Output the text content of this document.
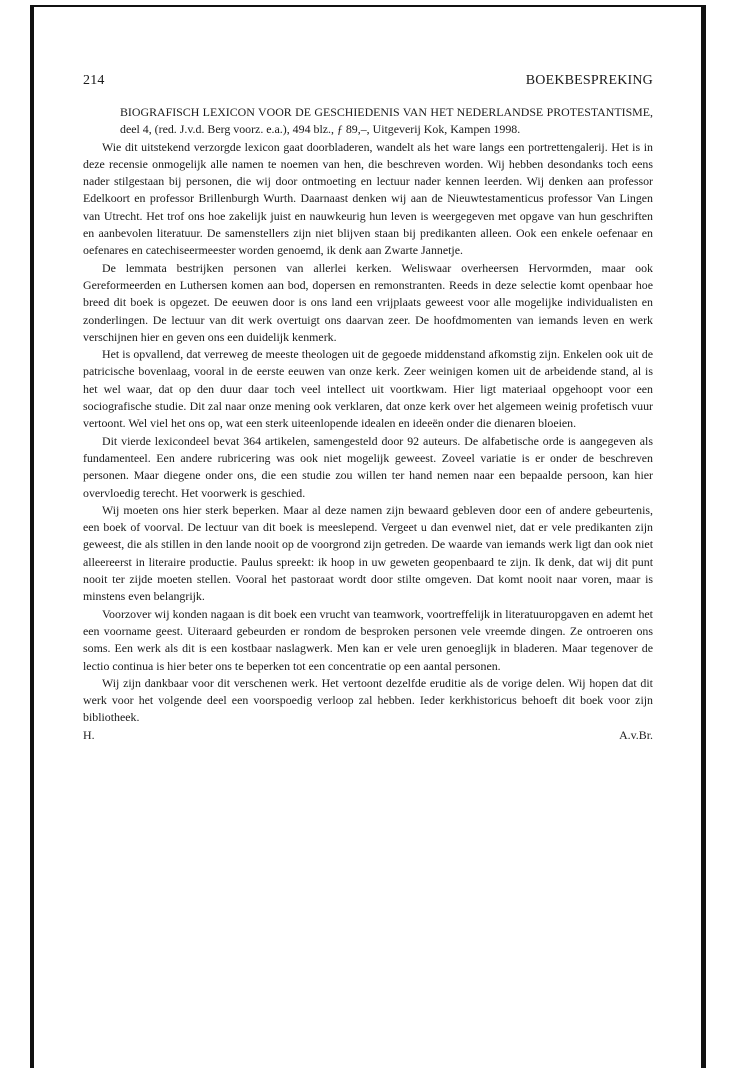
214	BOEKBESPREKING

BIOGRAFISCH LEXICON VOOR DE GESCHIEDENIS VAN HET NEDERLANDSE PROTESTANTISME, deel 4, (red. J.v.d. Berg voorz. e.a.), 494 blz., ƒ 89,–, Uitgeverij Kok, Kampen 1998.

Wie dit uitstekend verzorgde lexicon gaat doorbladeren, wandelt als het ware langs een portrettengalerij. Het is in deze recensie onmogelijk alle namen te noemen van hen, die beschreven worden. Wij hebben desondanks toch eens nader stilgestaan bij personen, die wij door ontmoeting en lectuur nader kennen leerden. Wij denken aan professor Edelkoort en professor Brillenburgh Wurth. Daarnaast denken wij aan de Nieuwtestamenticus professor Van Lingen van Utrecht. Het trof ons hoe zakelijk juist en nauwkeurig hun leven is weergegeven met opgave van hun geschriften en aanbevolen literatuur. De samenstellers zijn niet blijven staan bij predikanten alleen. Ook een enkele oefenaar en oefenares en catechiseermeester worden genoemd, ik denk aan Zwarte Jannetje.

De lemmata bestrijken personen van allerlei kerken. Weliswaar overheersen Hervormden, maar ook Gereformeerden en Luthersen komen aan bod, dopersen en remonstranten. Reeds in deze selectie komt openbaar hoe breed dit boek is opgezet. De eeuwen door is ons land een vrijplaats geweest voor alle mogelijke individualisten en zonderlingen. De lectuur van dit werk overtuigt ons daarvan zeer. De hoofdmomenten van iemands leven en werk verschijnen hier en geven ons een duidelijk kenmerk.

Het is opvallend, dat verreweg de meeste theologen uit de gegoede middenstand afkomstig zijn. Enkelen ook uit de patricische bovenlaag, vooral in de eerste eeuwen van onze kerk. Zeer weinigen komen uit de arbeidende stand, al is het wel waar, dat op den duur daar toch veel intellect uit voortkwam. Hier ligt materiaal opgehoopt voor een sociografische studie. Dit zal naar onze mening ook verklaren, dat onze kerk over het algemeen weinig profetisch vuur vertoont. Wel viel het ons op, wat een sterk uiteenlopende idealen en ideeën onder die dienaren bloeien.

Dit vierde lexicondeel bevat 364 artikelen, samengesteld door 92 auteurs. De alfabetische orde is aangegeven als fundamenteel. Een andere rubricering was ook niet mogelijk geweest. Zoveel variatie is er onder de beschreven personen. Maar diegene onder ons, die een studie zou willen ter hand nemen naar een bepaalde persoon, kan hier overvloedig terecht. Het voorwerk is geschied.

Wij moeten ons hier sterk beperken. Maar al deze namen zijn bewaard gebleven door een of andere gebeurtenis, een boek of voorval. De lectuur van dit boek is meeslepend. Vergeet u dan evenwel niet, dat er vele predikanten zijn geweest, die als stillen in den lande nooit op de voorgrond zijn getreden. De waarde van iemands werk ligt dan ook niet alleereerst in literaire productie. Paulus spreekt: ik hoop in uw geweten geopenbaard te zijn. Ik denk, dat wij dit punt nooit ter zijde moeten stellen. Vooral het pastoraat wordt door stilte omgeven. Dat komt nooit naar voren, maar is minstens even belangrijk.

Voorzover wij konden nagaan is dit boek een vrucht van teamwork, voortreffelijk in literatuuropgaven en ademt het een voorname geest. Uiteraard gebeurden er rondom de besproken personen vele vreemde dingen. Ze ontroeren ons soms. Een werk als dit is een kostbaar naslagwerk. Men kan er vele uren genoeglijk in bladeren. Maar tegenover de lectio continua is hier beter ons te beperken tot een concentratie op een aantal personen.

Wij zijn dankbaar voor dit verschenen werk. Het vertoont dezelfde eruditie als de vorige delen. Wij hopen dat dit werk voor het volgende deel een voorspoedig verloop zal hebben. Ieder kerkhistoricus behoeft dit boek voor zijn bibliotheek.

H.	A.v.Br.
